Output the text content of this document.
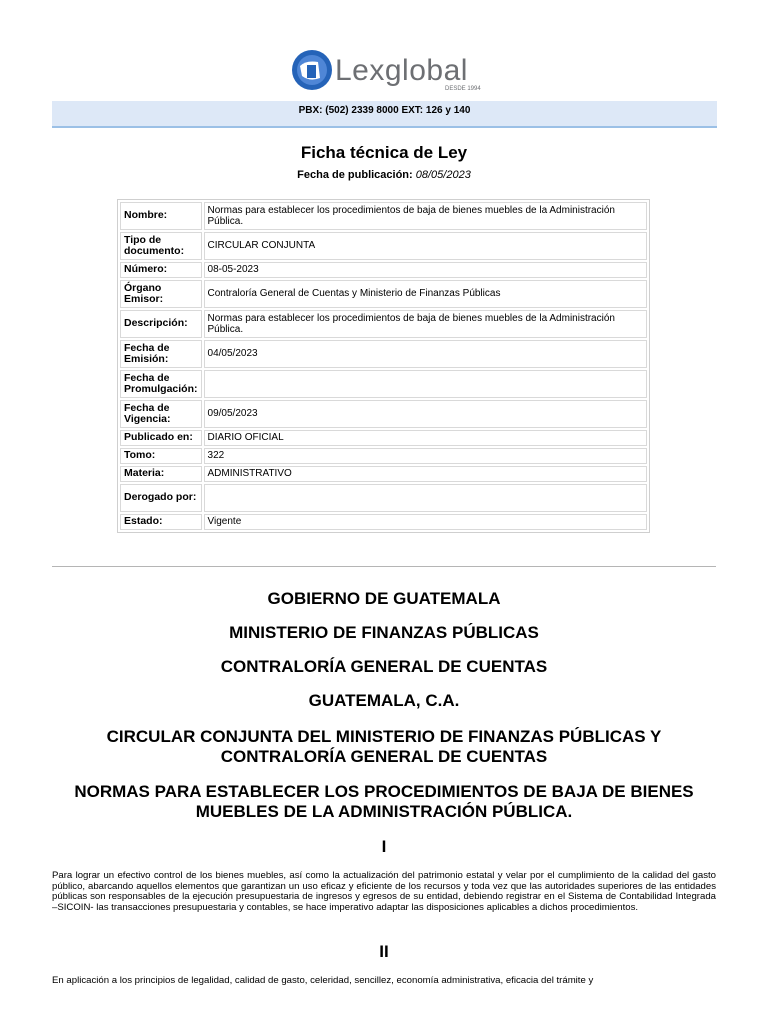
Lexglobal
DESDE 1994
PBX: (502) 2339 8000 EXT: 126 y 140
Ficha técnica de Ley
Fecha de publicación: 08/05/2023
Nombre:	Normas para establecer los procedimientos de baja de bienes muebles de la Administración Pública.
Tipo de documento:	CIRCULAR CONJUNTA
Número:	08-05-2023
Órgano Emisor:	Contraloría General de Cuentas y Ministerio de Finanzas Públicas
Descripción:	Normas para establecer los procedimientos de baja de bienes muebles de la Administración Pública.
Fecha de Emisión:	04/05/2023
Fecha de Promulgación:	
Fecha de Vigencia:	09/05/2023
Publicado en:	DIARIO OFICIAL
Tomo:	322
Materia:	ADMINISTRATIVO
Derogado por:	
Estado:	Vigente
GOBIERNO DE GUATEMALA
MINISTERIO DE FINANZAS PÚBLICAS
CONTRALORÍA GENERAL DE CUENTAS
GUATEMALA, C.A.
CIRCULAR CONJUNTA DEL MINISTERIO DE FINANZAS PÚBLICAS Y CONTRALORÍA GENERAL DE CUENTAS
NORMAS PARA ESTABLECER LOS PROCEDIMIENTOS DE BAJA DE BIENES MUEBLES DE LA ADMINISTRACIÓN PÚBLICA.
I
Para lograr un efectivo control de los bienes muebles, así como la actualización del patrimonio estatal y velar por el cumplimiento de la calidad del gasto público, abarcando aquellos elementos que garantizan un uso eficaz y eficiente de los recursos y toda vez que las autoridades superiores de las entidades públicas son responsables de la ejecución presupuestaria de ingresos y egresos de su entidad, debiendo registrar en el Sistema de Contabilidad Integrada –SICOIN- las transacciones presupuestaria y contables, se hace imperativo adaptar las disposiciones aplicables a dichos procedimientos.
II
En aplicación a los principios de legalidad, calidad de gasto, celeridad, sencillez, economía administrativa, eficacia del trámite y
